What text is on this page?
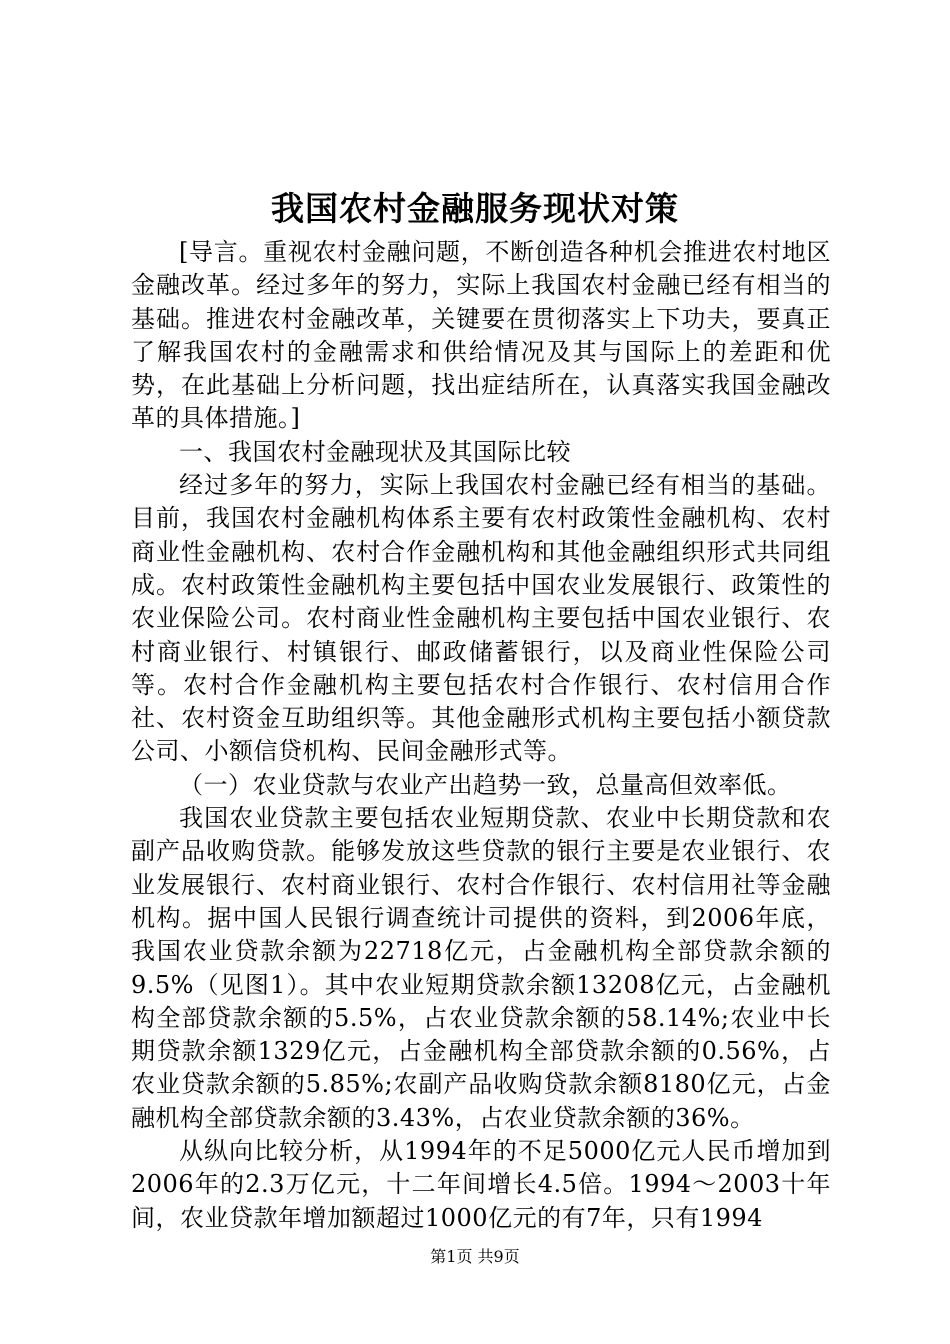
我国农村金融服务现状对策

[导言。重视农村金融问题，不断创造各种机会推进农村地区金融改革。经过多年的努力，实际上我国农村金融已经有相当的基础。推进农村金融改革，关键要在贯彻落实上下功夫，要真正了解我国农村的金融需求和供给情况及其与国际上的差距和优势，在此基础上分析问题，找出症结所在，认真落实我国金融改革的具体措施。]

一、我国农村金融现状及其国际比较

经过多年的努力，实际上我国农村金融已经有相当的基础。目前，我国农村金融机构体系主要有农村政策性金融机构、农村商业性金融机构、农村合作金融机构和其他金融组织形式共同组成。农村政策性金融机构主要包括中国农业发展银行、政策性的农业保险公司。农村商业性金融机构主要包括中国农业银行、农村商业银行、村镇银行、邮政储蓄银行，以及商业性保险公司等。农村合作金融机构主要包括农村合作银行、农村信用合作社、农村资金互助组织等。其他金融形式机构主要包括小额贷款公司、小额信贷机构、民间金融形式等。

（一）农业贷款与农业产出趋势一致，总量高但效率低。

我国农业贷款主要包括农业短期贷款、农业中长期贷款和农副产品收购贷款。能够发放这些贷款的银行主要是农业银行、农业发展银行、农村商业银行、农村合作银行、农村信用社等金融机构。据中国人民银行调查统计司提供的资料，到2006年底，我国农业贷款余额为22718亿元，占金融机构全部贷款余额的9.5%（见图1）。其中农业短期贷款余额13208亿元，占金融机构全部贷款余额的5.5%，占农业贷款余额的58.14%;农业中长期贷款余额1329亿元，占金融机构全部贷款余额的0.56%，占农业贷款余额的5.85%;农副产品收购贷款余额8180亿元，占金融机构全部贷款余额的3.43%，占农业贷款余额的36%。

从纵向比较分析，从1994年的不足5000亿元人民币增加到2006年的2.3万亿元，十二年间增长4.5倍。1994～2003十年间，农业贷款年增加额超过1000亿元的有7年，只有1994

第1页 共9页
